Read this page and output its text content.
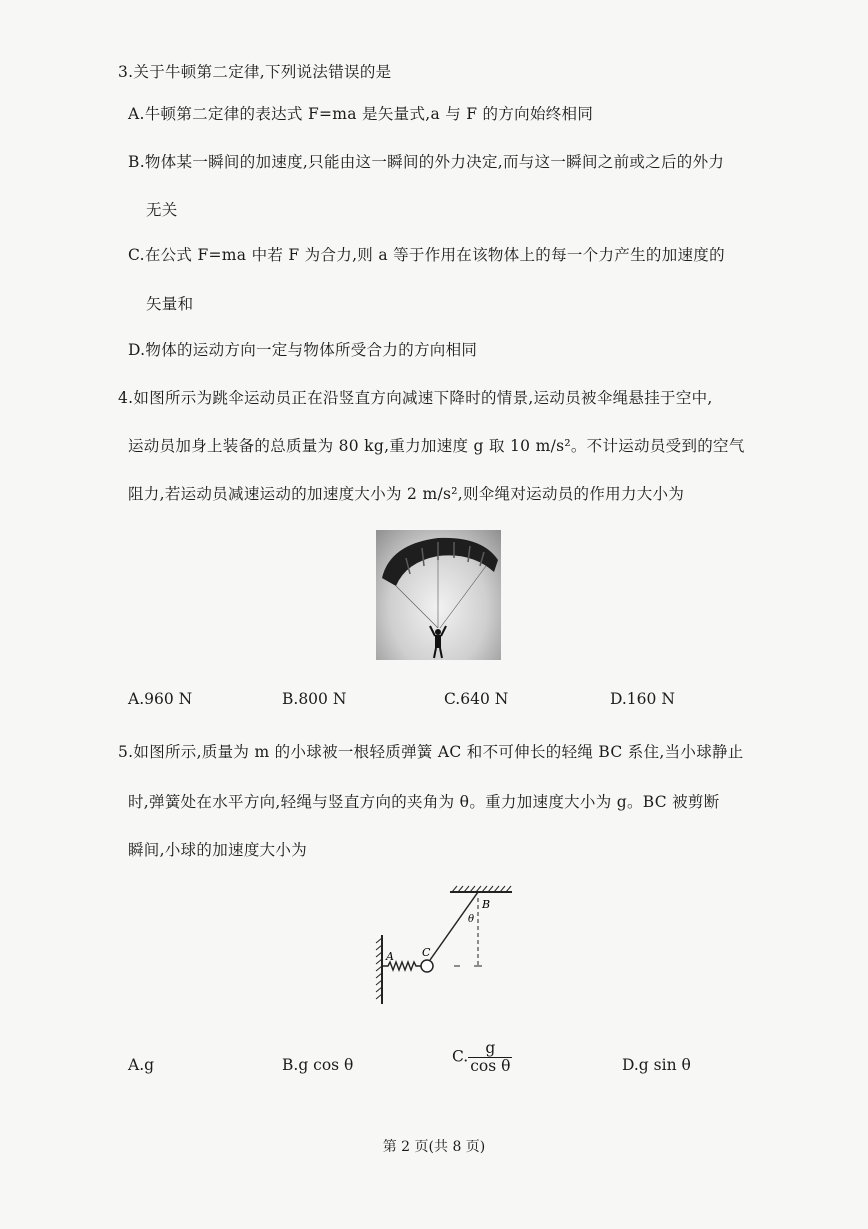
3.关于牛顿第二定律,下列说法错误的是
A.牛顿第二定律的表达式 F=ma 是矢量式,a 与 F 的方向始终相同
B.物体某一瞬间的加速度,只能由这一瞬间的外力决定,而与这一瞬间之前或之后的外力
无关
C.在公式 F=ma 中若 F 为合力,则 a 等于作用在该物体上的每一个力产生的加速度的
矢量和
D.物体的运动方向一定与物体所受合力的方向相同
4.如图所示为跳伞运动员正在沿竖直方向减速下降时的情景,运动员被伞绳悬挂于空中,
运动员加身上装备的总质量为 80 kg,重力加速度 g 取 10 m/s²。不计运动员受到的空气
阻力,若运动员减速运动的加速度大小为 2 m/s²,则伞绳对运动员的作用力大小为
A.960 N	B.800 N	C.640 N	D.160 N
5.如图所示,质量为 m 的小球被一根轻质弹簧 AC 和不可伸长的轻绳 BC 系住,当小球静止
时,弹簧处在水平方向,轻绳与竖直方向的夹角为 θ。重力加速度大小为 g。BC 被剪断
瞬间,小球的加速度大小为
A	C
B
θ
A.g	B.g cos θ	C. $\frac{g}{\text{cos θ}}$	D.g sin θ
第 2 页(共 8 页)
